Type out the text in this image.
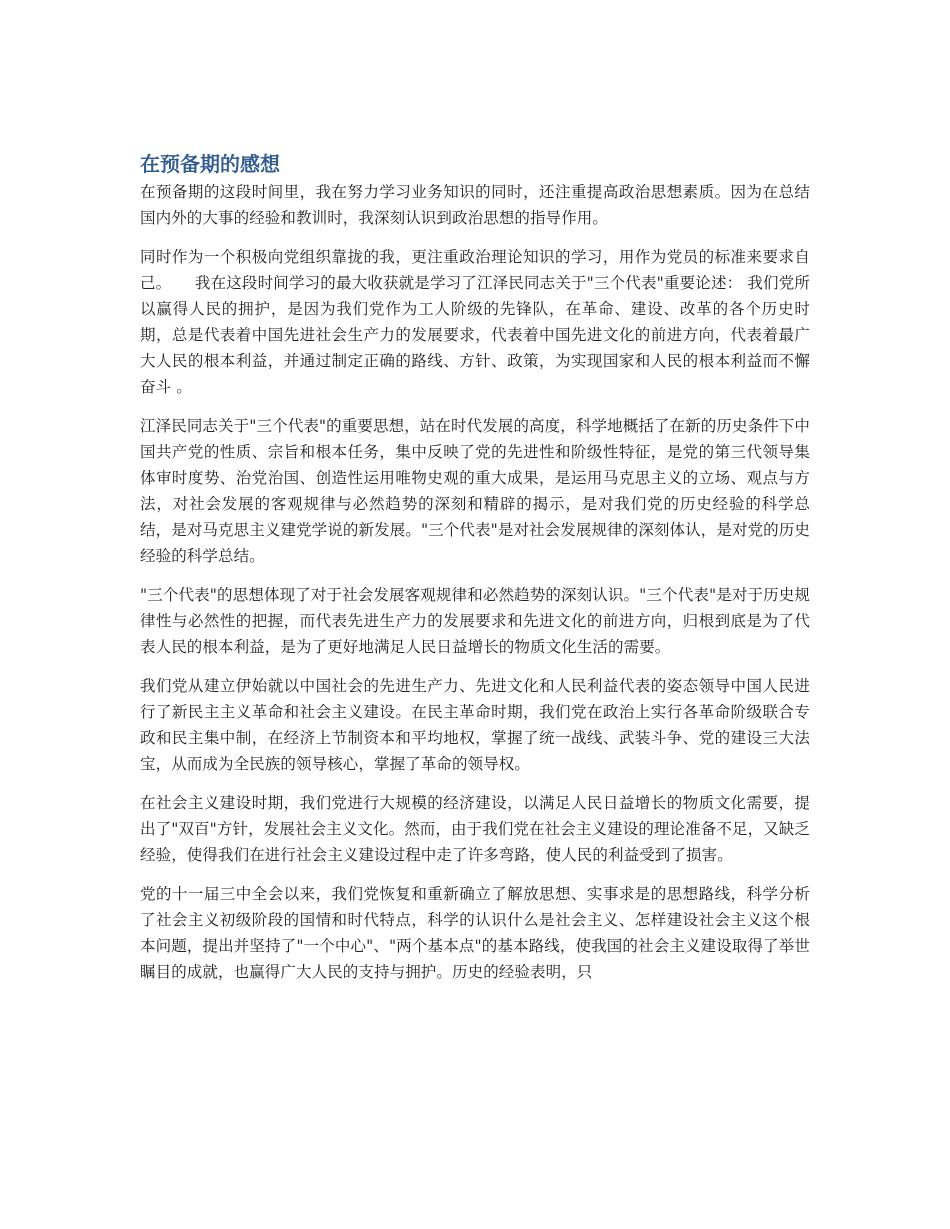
在预备期的感想

在预备期的这段时间里，我在努力学习业务知识的同时，还注重提高政治思想素质。因为在总结国内外的大事的经验和教训时，我深刻认识到政治思想的指导作用。

同时作为一个积极向党组织靠拢的我，更注重政治理论知识的学习，用作为党员的标准来要求自己。　　我在这段时间学习的最大收获就是学习了江泽民同志关于"三个代表"重要论述： 我们党所以赢得人民的拥护，是因为我们党作为工人阶级的先锋队，在革命、建设、改革的各个历史时期，总是代表着中国先进社会生产力的发展要求，代表着中国先进文化的前进方向，代表着最广大人民的根本利益，并通过制定正确的路线、方针、政策，为实现国家和人民的根本利益而不懈奋斗 。

江泽民同志关于"三个代表"的重要思想，站在时代发展的高度，科学地概括了在新的历史条件下中国共产党的性质、宗旨和根本任务，集中反映了党的先进性和阶级性特征，是党的第三代领导集体审时度势、治党治国、创造性运用唯物史观的重大成果，是运用马克思主义的立场、观点与方法，对社会发展的客观规律与必然趋势的深刻和精辟的揭示，是对我们党的历史经验的科学总结，是对马克思主义建党学说的新发展。"三个代表"是对社会发展规律的深刻体认，是对党的历史经验的科学总结。

"三个代表"的思想体现了对于社会发展客观规律和必然趋势的深刻认识。"三个代表"是对于历史规律性与必然性的把握，而代表先进生产力的发展要求和先进文化的前进方向，归根到底是为了代表人民的根本利益，是为了更好地满足人民日益增长的物质文化生活的需要。

我们党从建立伊始就以中国社会的先进生产力、先进文化和人民利益代表的姿态领导中国人民进行了新民主主义革命和社会主义建设。在民主革命时期，我们党在政治上实行各革命阶级联合专政和民主集中制，在经济上节制资本和平均地权，掌握了统一战线、武装斗争、党的建设三大法宝，从而成为全民族的领导核心，掌握了革命的领导权。

在社会主义建设时期，我们党进行大规模的经济建设，以满足人民日益增长的物质文化需要，提出了"双百"方针，发展社会主义文化。然而，由于我们党在社会主义建设的理论准备不足，又缺乏经验，使得我们在进行社会主义建设过程中走了许多弯路，使人民的利益受到了损害。

党的十一届三中全会以来，我们党恢复和重新确立了解放思想、实事求是的思想路线，科学分析了社会主义初级阶段的国情和时代特点，科学的认识什么是社会主义、怎样建设社会主义这个根本问题，提出并坚持了"一个中心"、"两个基本点"的基本路线，使我国的社会主义建设取得了举世瞩目的成就，也赢得广大人民的支持与拥护。历史的经验表明，只
